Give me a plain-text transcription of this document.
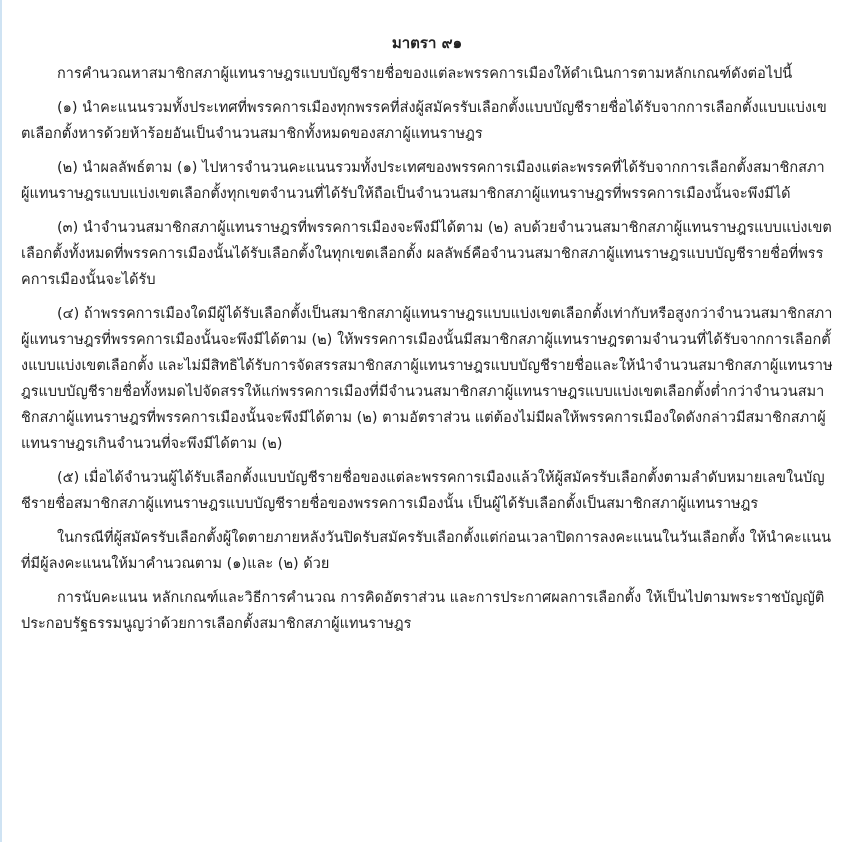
มาตรา ๙๑

การคำนวณหาสมาชิกสภาผู้แทนราษฎรแบบบัญชีรายชื่อของแต่ละพรรคการเมืองให้ดำเนินการตามหลักเกณฑ์ดังต่อไปนี้

(๑) นำคะแนนรวมทั้งประเทศที่พรรคการเมืองทุกพรรคที่ส่งผู้สมัครรับเลือกตั้งแบบบัญชีรายชื่อได้รับจากการเลือกตั้งแบบแบ่งเขตเลือกตั้งหารด้วยห้าร้อยอันเป็นจำนวนสมาชิกทั้งหมดของสภาผู้แทนราษฎร

(๒) นำผลลัพธ์ตาม (๑) ไปหารจำนวนคะแนนรวมทั้งประเทศของพรรคการเมืองแต่ละพรรคที่ได้รับจากการเลือกตั้งสมาชิกสภาผู้แทนราษฎรแบบแบ่งเขตเลือกตั้งทุกเขตจำนวนที่ได้รับให้ถือเป็นจำนวนสมาชิกสภาผู้แทนราษฎรที่พรรคการเมืองนั้นจะพึงมีได้

(๓) นำจำนวนสมาชิกสภาผู้แทนราษฎรที่พรรคการเมืองจะพึงมีได้ตาม (๒) ลบด้วยจำนวนสมาชิกสภาผู้แทนราษฎรแบบแบ่งเขตเลือกตั้งทั้งหมดที่พรรคการเมืองนั้นได้รับเลือกตั้งในทุกเขตเลือกตั้ง ผลลัพธ์คือจำนวนสมาชิกสภาผู้แทนราษฎรแบบบัญชีรายชื่อที่พรรคการเมืองนั้นจะได้รับ

(๔) ถ้าพรรคการเมืองใดมีผู้ได้รับเลือกตั้งเป็นสมาชิกสภาผู้แทนราษฎรแบบแบ่งเขตเลือกตั้งเท่ากับหรือสูงกว่าจำนวนสมาชิกสภาผู้แทนราษฎรที่พรรคการเมืองนั้นจะพึงมีได้ตาม (๒) ให้พรรคการเมืองนั้นมีสมาชิกสภาผู้แทนราษฎรตามจำนวนที่ได้รับจากการเลือกตั้งแบบแบ่งเขตเลือกตั้ง และไม่มีสิทธิได้รับการจัดสรรสมาชิกสภาผู้แทนราษฎรแบบบัญชีรายชื่อและให้นำจำนวนสมาชิกสภาผู้แทนราษฎรแบบบัญชีรายชื่อทั้งหมดไปจัดสรรให้แก่พรรคการเมืองที่มีจำนวนสมาชิกสภาผู้แทนราษฎรแบบแบ่งเขตเลือกตั้งต่ำกว่าจำนวนสมาชิกสภาผู้แทนราษฎรที่พรรคการเมืองนั้นจะพึงมีได้ตาม (๒) ตามอัตราส่วน แต่ต้องไม่มีผลให้พรรคการเมืองใดดังกล่าวมีสมาชิกสภาผู้แทนราษฎรเกินจำนวนที่จะพึงมีได้ตาม (๒)

(๕) เมื่อได้จำนวนผู้ได้รับเลือกตั้งแบบบัญชีรายชื่อของแต่ละพรรคการเมืองแล้วให้ผู้สมัครรับเลือกตั้งตามลำดับหมายเลขในบัญชีรายชื่อสมาชิกสภาผู้แทนราษฎรแบบบัญชีรายชื่อของพรรคการเมืองนั้น เป็นผู้ได้รับเลือกตั้งเป็นสมาชิกสภาผู้แทนราษฎร

ในกรณีที่ผู้สมัครรับเลือกตั้งผู้ใดตายภายหลังวันปิดรับสมัครรับเลือกตั้งแต่ก่อนเวลาปิดการลงคะแนนในวันเลือกตั้ง ให้นำคะแนนที่มีผู้ลงคะแนนให้มาคำนวณตาม (๑)และ (๒) ด้วย

การนับคะแนน หลักเกณฑ์และวิธีการคำนวณ การคิดอัตราส่วน และการประกาศผลการเลือกตั้ง ให้เป็นไปตามพระราชบัญญัติประกอบรัฐธรรมนูญว่าด้วยการเลือกตั้งสมาชิกสภาผู้แทนราษฎร
